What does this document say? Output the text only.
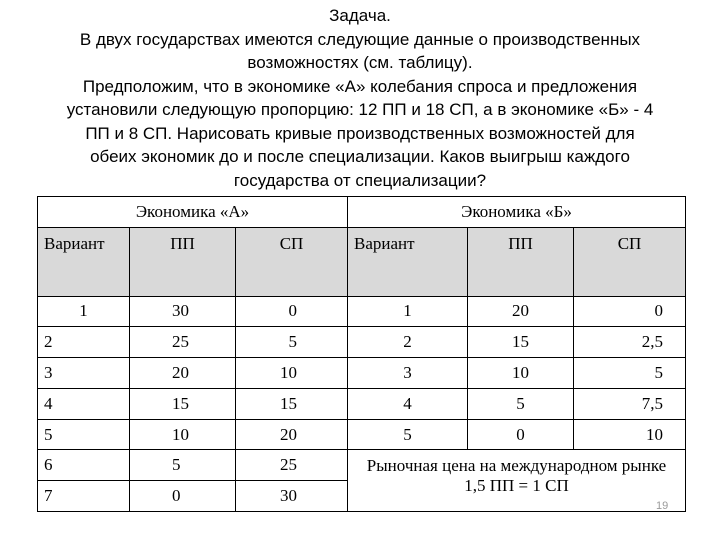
Задача.
В двух государствах имеются следующие данные о производственных
возможностях (см. таблицу).
Предположим, что в экономике «А» колебания спроса и предложения
установили следующую пропорцию: 12 ПП и 18 СП, а в экономике «Б» - 4
ПП и 8 СП. Нарисовать кривые производственных возможностей для
обеих экономик до и после специализации. Каков выигрыш каждого
государства от специализации?
Экономика «А»			Экономика «Б»		
Вариант	ПП	СП	Вариант	ПП	СП
1	30	0	1	20	0
2	25	5	2	15	2,5
3	20	10	3	10	5
4	15	15	4	5	7,5
5	10	20	5	0	10
6	5	25	Рыночная цена на международном рынке
1,5 ПП = 1 СП		

7	0	30			
19
